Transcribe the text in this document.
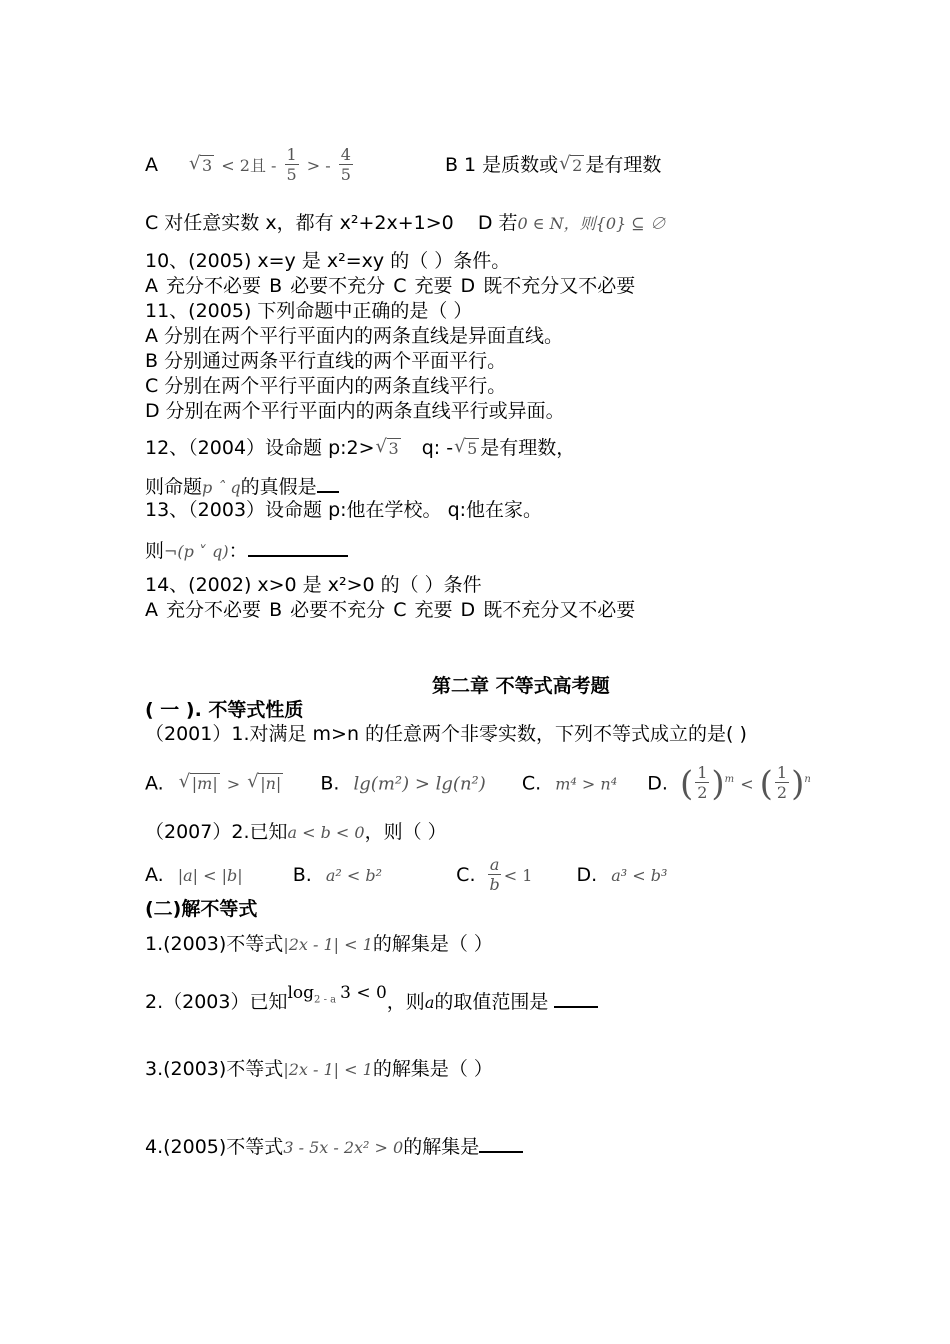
A	√ 3 < 2且 - $\frac{1}{5}$ > - $\frac{4}{5}$	B 1 是质数或 √ 2 是有理数
C 对任意实数 x，都有 x²+2x+1>0 D 若0 ∈ N，则{0} ⊆ ∅
10、(2005) x=y 是 x²=xy 的（ ）条件。
A 充分不必要 B 必要不充分 C 充要 D 既不充分又不必要
11、(2005) 下列命题中正确的是（ ）
A 分别在两个平行平面内的两条直线是异面直线。
B 分别通过两条平行直线的两个平面平行。
C 分别在两个平行平面内的两条直线平行。
D 分别在两个平行平面内的两条直线平行或异面。
12、（2004）设命题 p:2> √ 3 q: - √ 5 是有理数，
则命题p ˆ q的真假是
13、（2003）设命题 p:他在学校。 q:他在家。
则¬(p ˅ q)：
14、(2002) x>0 是 x²>0 的（ ）条件
A 充分不必要 B 必要不充分 C 充要 D 既不充分又不必要
第二章 不等式高考题
( 一 ). 不等式性质
（2001）1.对满足 m>n 的任意两个非零实数，下列不等式成立的是( )
A. √ |m| > √ |n| B. lg(m²) > lg(n²) C. m⁴ > n⁴ D. ( $\frac{1}{2} )^m$ < ( $\frac{1}{2} )^n$
（2007）2.已知a < b < 0，则（ ）
A. |a| < |b|	B. a² < b²	C. $\frac{a}{b} < 1$ D. a³ < b³
(二)解不等式
1.(2003)不等式|2x - 1| < 1的解集是（ ）
2.（2003）已知$\log_{2 - a} 3 < 0$，则a的取值范围是
3.(2003)不等式|2x - 1| < 1的解集是（ ）
4.(2005)不等式3 - 5x - 2x² > 0的解集是
